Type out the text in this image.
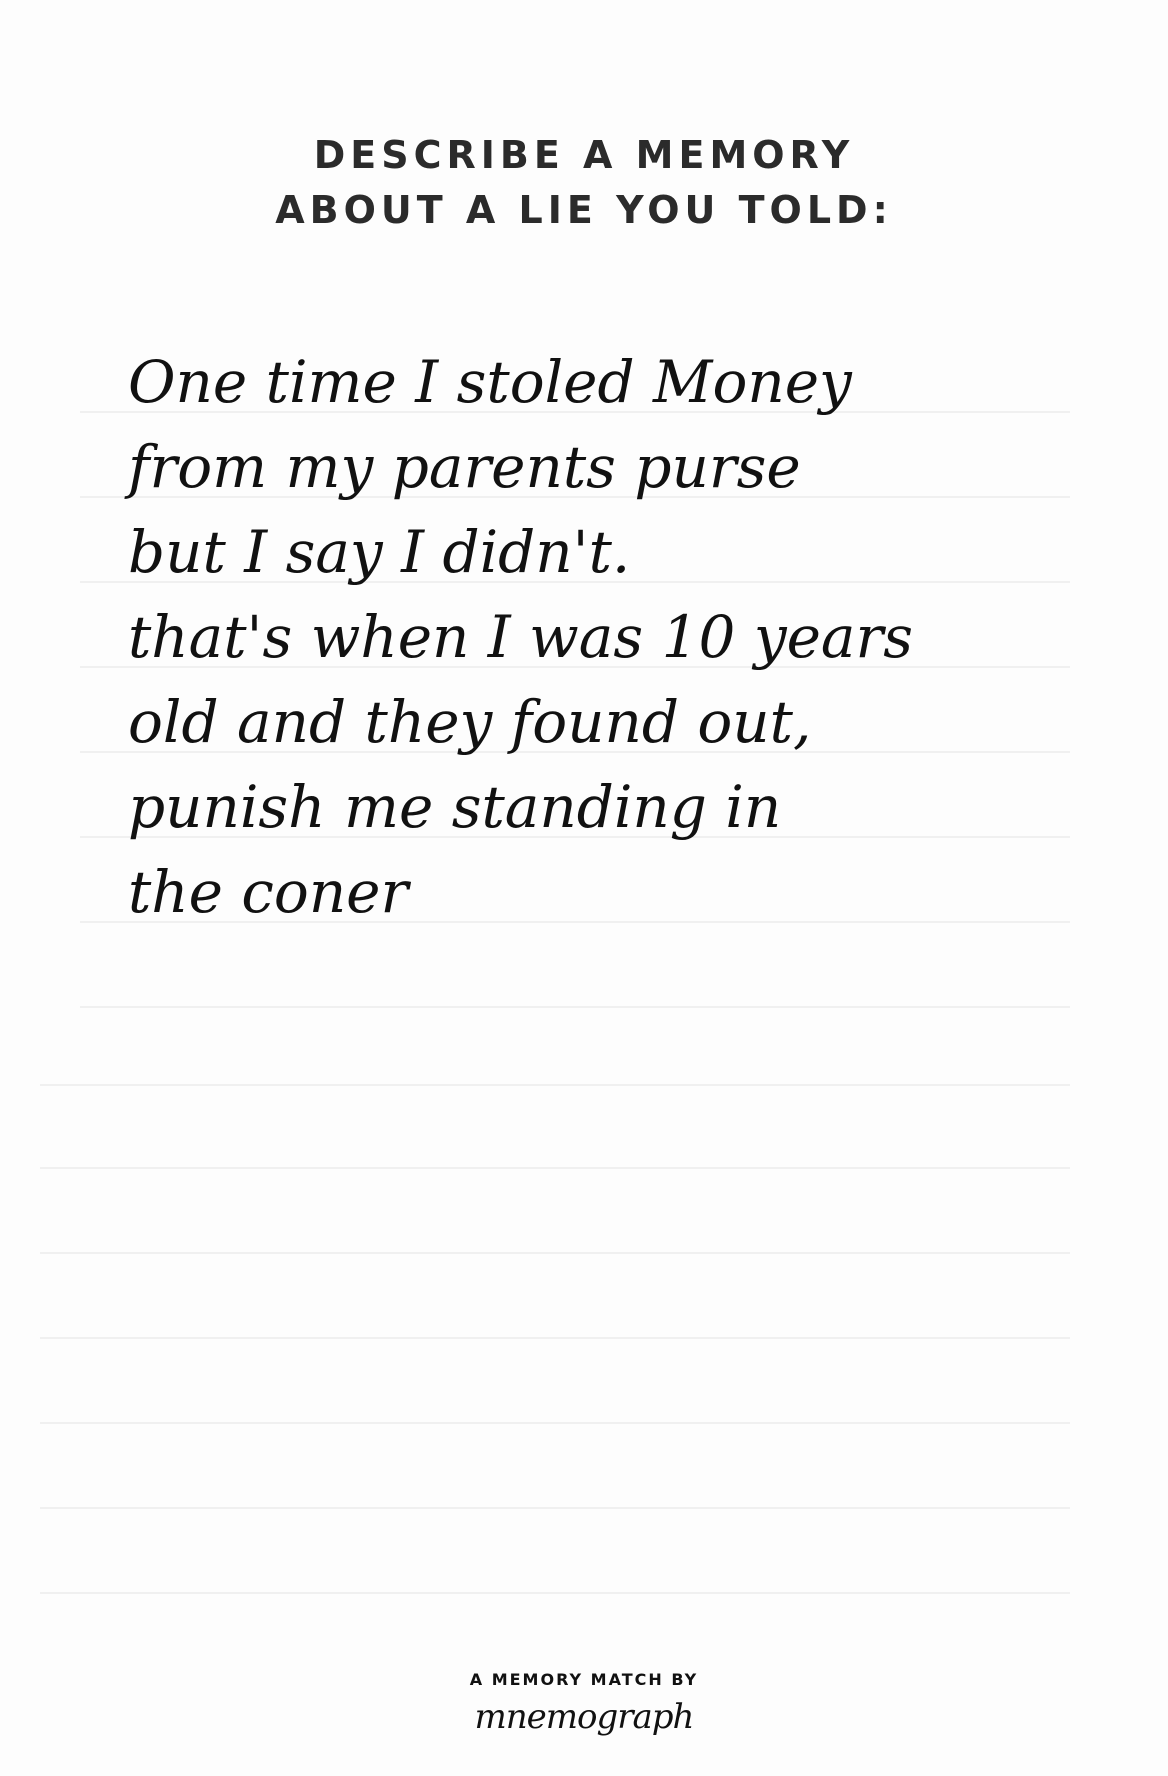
DESCRIBE A MEMORY
ABOUT A LIE YOU TOLD:
One time I stoled Money
from my parents purse
but I say I didn't.
that's when I was 10 years
old and they found out,
punish me standing in
the coner
A MEMORY MATCH BY
mnemograph
